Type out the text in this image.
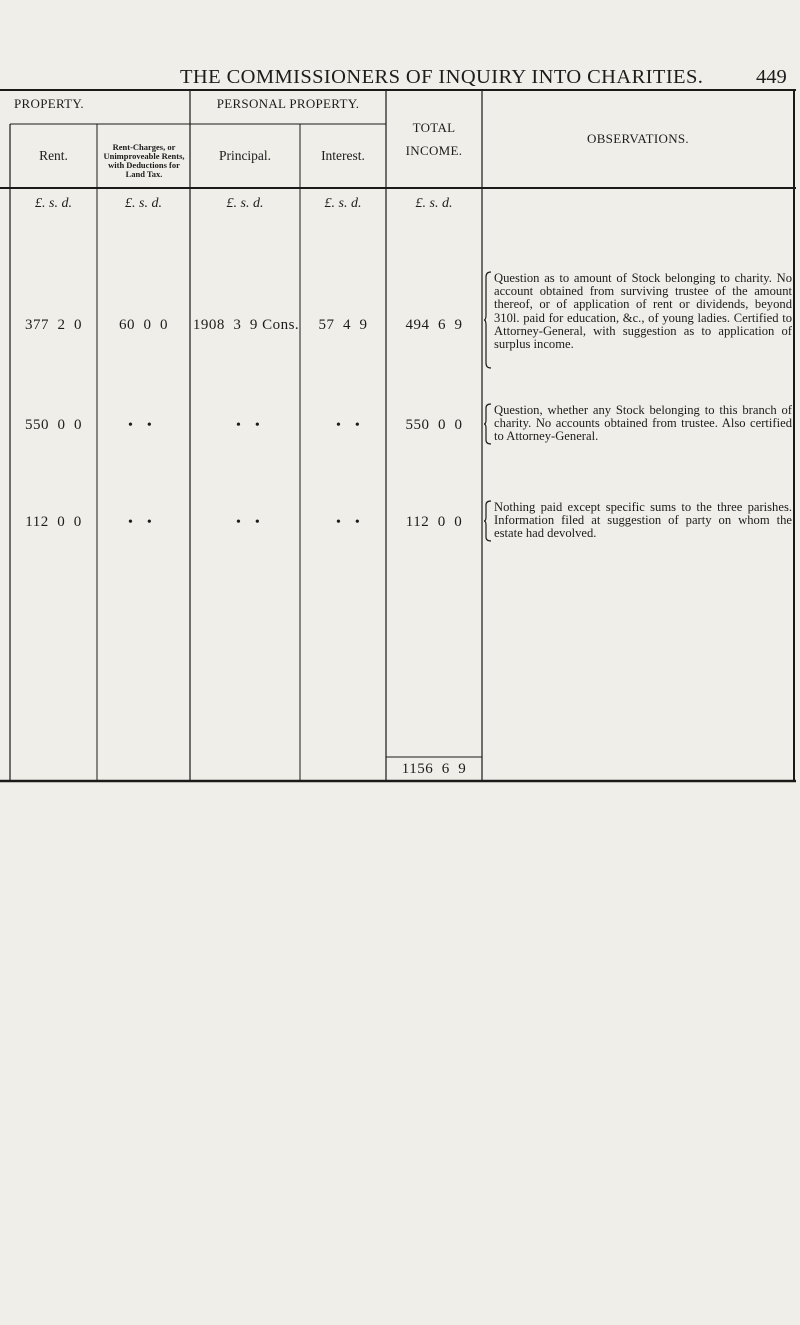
THE COMMISSIONERS OF INQUIRY INTO CHARITIES.	449
PROPERTY.	PERSONAL PROPERTY.
TOTAL
INCOME.
OBSERVATIONS.
Rent.
Rent-Charges, or Unimproveable Rents, with Deductions for Land Tax.
Principal.	Interest.
£. s. d.	£. s. d.	£. s. d.	£. s. d.	£. s. d.
377  2  0	60  0  0	1908  3  9 Cons.	57  4  9	494  6  9
Question as to amount of Stock belonging to charity. No account obtained from surviving trustee of the amount thereof, or of application of rent or dividends, beyond 310l. paid for education, &c., of young ladies. Certified to Attorney-General, with suggestion as to application of surplus income.
550  0  0	•    •	•    •	•    •	550  0  0
Question, whether any Stock belonging to this branch of charity. No accounts obtained from trustee. Also certified to Attorney-General.
112  0  0	•    •	•    •	•    •	112  0  0
Nothing paid except specific sums to the three parishes. Information filed at suggestion of party on whom the estate had devolved.
1156  6  9
